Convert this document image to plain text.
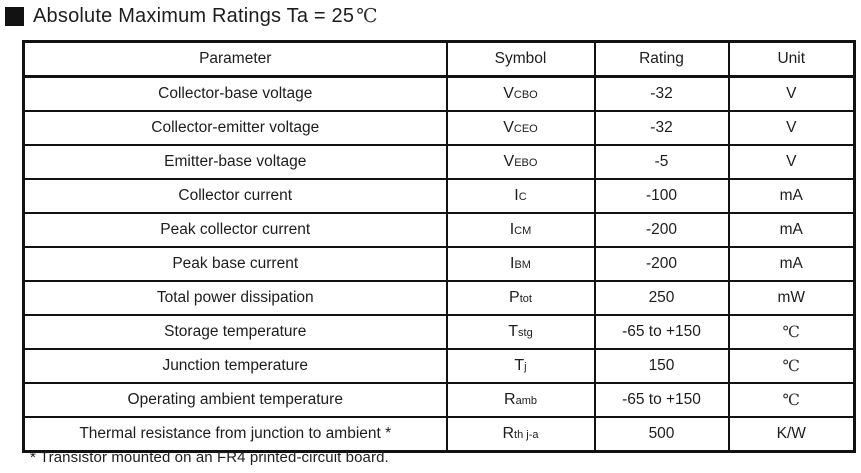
Absolute Maximum Ratings Ta = 25 ℃
Parameter	Symbol	Rating	Unit
Collector-base voltage	VCBO	-32	V
Collector-emitter voltage	VCEO	-32	V
Emitter-base voltage	VEBO	-5	V
Collector current	IC	-100	mA
Peak collector current	ICM	-200	mA
Peak base current	IBM	-200	mA
Total power dissipation	Ptot	250	mW
Storage temperature	Tstg	-65 to +150	℃
Junction temperature	Tj	150	℃
Operating ambient temperature	Ramb	-65 to +150	℃
Thermal resistance from junction to ambient *	Rth j-a	500	K/W
* Transistor mounted on an FR4 printed-circuit board.
